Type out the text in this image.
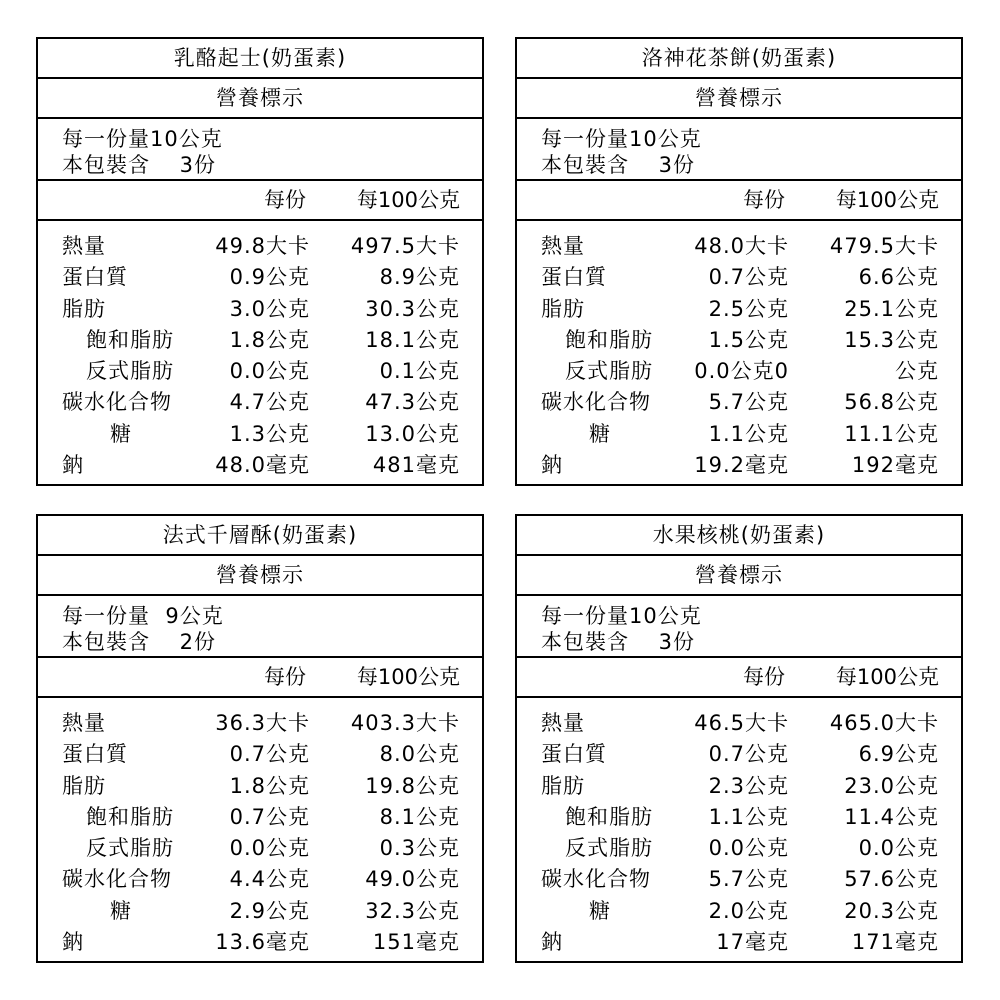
乳酪起士(奶蛋素)
營養標示
每一份量10公克
本包裝含　 3份
每份 每100公克
熱量	49.8大卡 497.5大卡
蛋白質	0.9公克	8.9公克
脂肪	3.0公克	30.3公克
飽和脂肪	1.8公克	18.1公克
反式脂肪	0.0公克	0.1公克
碳水化合物	4.7公克	47.3公克
糖	1.3公克	13.0公克
鈉	48.0毫克	481毫克
洛神花茶餅(奶蛋素)
營養標示
每一份量10公克
本包裝含　 3份
每份 每100公克
熱量	48.0大卡 479.5大卡
蛋白質	0.7公克	6.6公克
脂肪	2.5公克	25.1公克
飽和脂肪	1.5公克	15.3公克
反式脂肪 0.0公克0	公克
碳水化合物	5.7公克	56.8公克
糖	1.1公克	11.1公克
鈉	19.2毫克	192毫克
法式千層酥(奶蛋素)
營養標示
每一份量  9公克
本包裝含　 2份
每份 每100公克
熱量	36.3大卡 403.3大卡
蛋白質	0.7公克	8.0公克
脂肪	1.8公克	19.8公克
飽和脂肪	0.7公克	8.1公克
反式脂肪	0.0公克	0.3公克
碳水化合物	4.4公克	49.0公克
糖	2.9公克	32.3公克
鈉	13.6毫克	151毫克
水果核桃(奶蛋素)
營養標示
每一份量10公克
本包裝含　 3份
每份 每100公克
熱量	46.5大卡 465.0大卡
蛋白質	0.7公克	6.9公克
脂肪	2.3公克	23.0公克
飽和脂肪	1.1公克	11.4公克
反式脂肪	0.0公克	0.0公克
碳水化合物	5.7公克	57.6公克
糖	2.0公克	20.3公克
鈉	17毫克	171毫克
